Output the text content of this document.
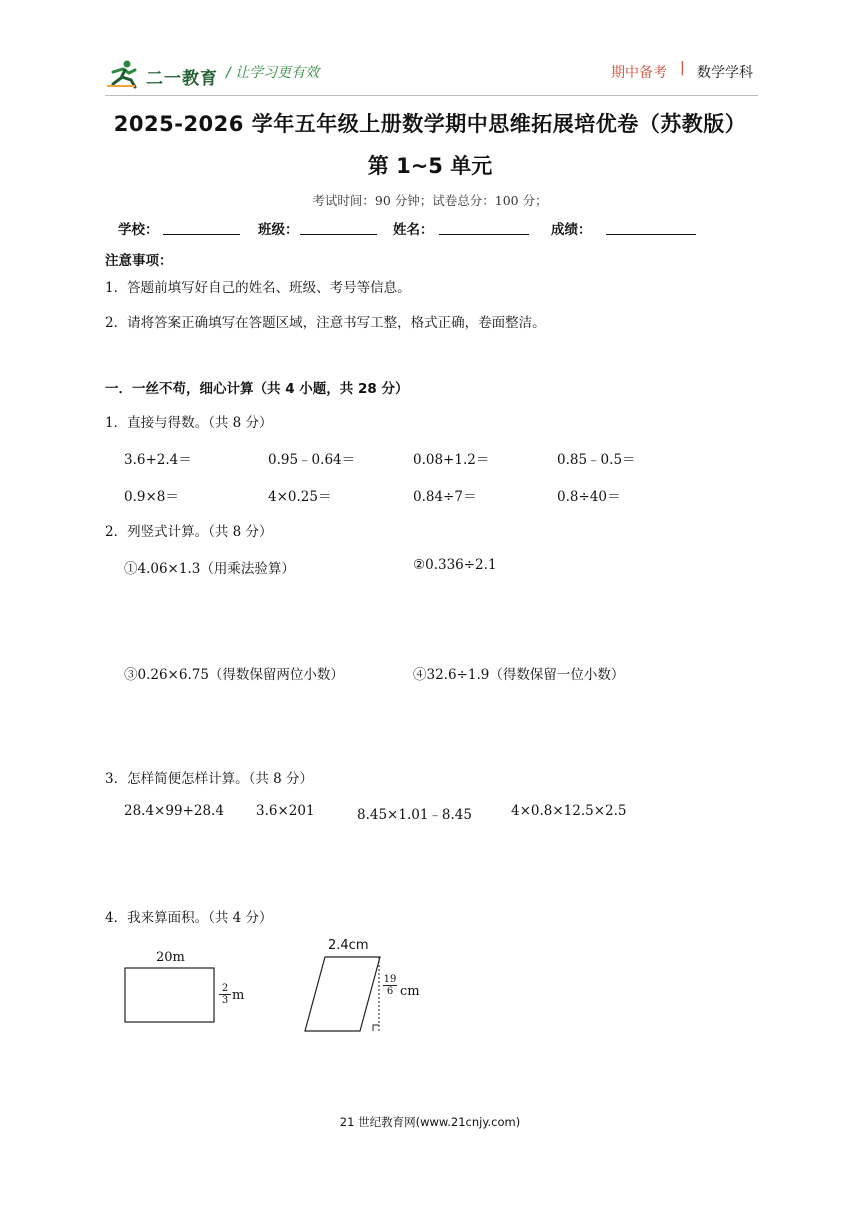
二一教育 / 让学习更有效	期中备考 | 数学学科
2025-2026 学年五年级上册数学期中思维拓展培优卷（苏教版）
第 1~5 单元
考试时间：90 分钟；试卷总分：100 分；
学校：	班级：	姓名：	成绩：
注意事项：
1．答题前填写好自己的姓名、班级、考号等信息。
2．请将答案正确填写在答题区域，注意书写工整，格式正确，卷面整洁。
一．一丝不苟，细心计算（共 4 小题，共 28 分）
1．直接与得数。（共 8 分）
3.6+2.4＝	0.95﹣0.64＝	0.08+1.2＝	0.85﹣0.5＝
0.9×8＝	4×0.25＝	0.84÷7＝	0.8÷40＝
2．列竖式计算。（共 8 分）
①4.06×1.3（用乘法验算）	②0.336÷2.1
③0.26×6.75（得数保留两位小数）	④32.6÷1.9（得数保留一位小数）
3．怎样简便怎样计算。（共 8 分）
28.4×99+28.4 3.6×201	8.45×1.01﹣8.45	4×0.8×12.5×2.5
4．我来算面积。（共 4 分）
20m
$\frac{2}{3}$ m
2.4cm
$\frac{19}{6}$ cm
21 世纪教育网(www.21cnjy.com)
